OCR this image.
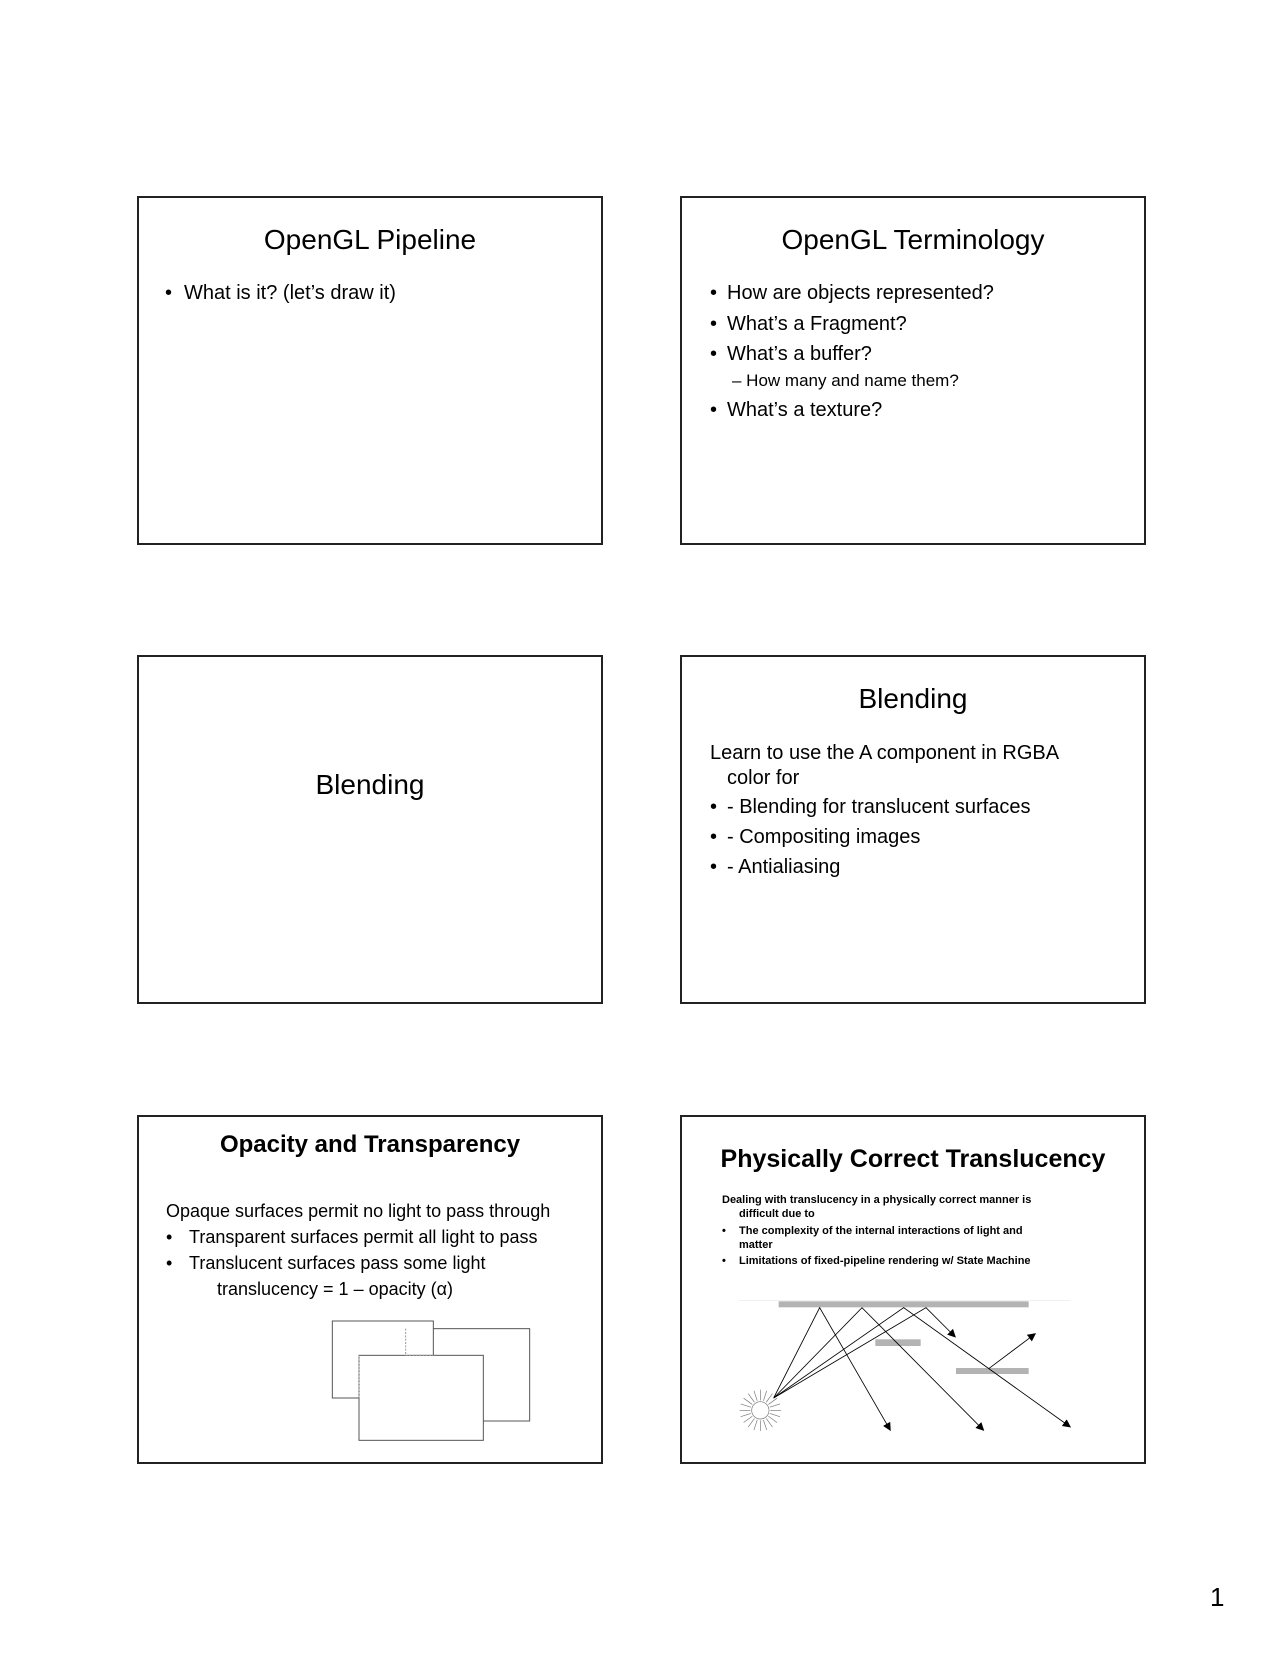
OpenGL Pipeline
• What is it? (let’s draw it)
OpenGL Terminology
• How are objects represented?
• What’s a Fragment?
• What’s a buffer?
– How many and name them?
• What’s a texture?
Blending
Blending
Learn to use the A component in RGBA
color for
• - Blending for translucent surfaces
• - Compositing images
• - Antialiasing
Opacity and Transparency
Opaque surfaces permit no light to pass through
• Transparent surfaces permit all light to pass
• Translucent surfaces pass some light
translucency = 1 – opacity (α)
Physically Correct Translucency
Dealing with translucency in a physically correct manner is
difficult due to
• The complexity of the internal interactions of light and
matter
• Limitations of fixed-pipeline rendering w/ State Machine
1
